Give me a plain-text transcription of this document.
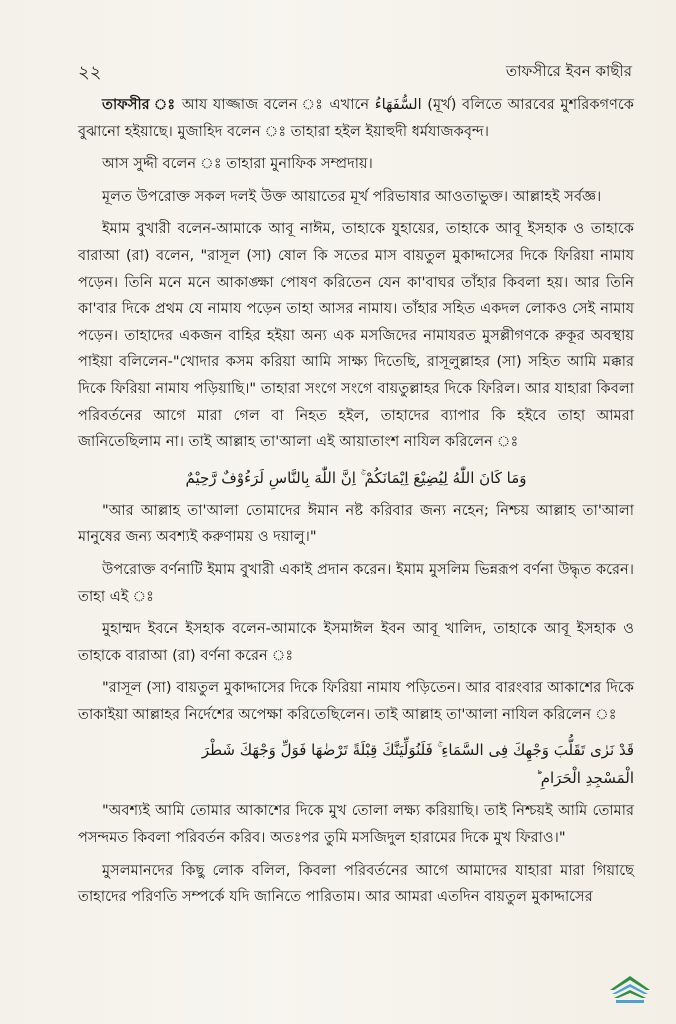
২২	তাফসীরে ইবন কাছীর

তাফসীর ঃ আয যাজ্জাজ বলেন ঃ এখানে السُّفَهَاءُ (মূর্খ) বলিতে আরবের মুশরিকগণকে বুঝানো হইয়াছে। মুজাহিদ বলেন ঃ তাহারা হইল ইয়াহুদী ধর্মযাজকবৃন্দ।

আস সুদ্দী বলেন ঃ তাহারা মুনাফিক সম্প্রদায়।

মূলত উপরোক্ত সকল দলই উক্ত আয়াতের মূর্খ পরিভাষার আওতাভুক্ত। আল্লাহই সর্বজ্ঞ।

ইমাম বুখারী বলেন-আমাকে আবূ নাঈম, তাহাকে যুহায়ের, তাহাকে আবূ ইসহাক ও তাহাকে বারাআ (রা) বলেন, "রাসূল (সা) ষোল কি সতের মাস বায়তুল মুকাদ্দাসের দিকে ফিরিয়া নামায পড়েন। তিনি মনে মনে আকাঙ্ক্ষা পোষণ করিতেন যেন কা'বাঘর তাঁহার কিবলা হয়। আর তিনি কা'বার দিকে প্রথম যে নামায পড়েন তাহা আসর নামায। তাঁহার সহিত একদল লোকও সেই নামায পড়েন। তাহাদের একজন বাহির হইয়া অন্য এক মসজিদের নামাযরত মুসল্লীগণকে রুকূর অবস্থায় পাইয়া বলিলেন-"খোদার কসম করিয়া আমি সাক্ষ্য দিতেছি, রাসূলুল্লাহর (সা) সহিত আমি মক্কার দিকে ফিরিয়া নামায পড়িয়াছি।" তাহারা সংগে সংগে বায়তুল্লাহর দিকে ফিরিল। আর যাহারা কিবলা পরিবর্তনের আগে মারা গেল বা নিহত হইল, তাহাদের ব্যাপার কি হইবে তাহা আমরা জানিতেছিলাম না। তাই আল্লাহ তা'আলা এই আয়াতাংশ নাযিল করিলেন ঃ

وَمَا كَانَ اللّٰهُ لِيُضِيْعَ اِيْمَانَكُمْ ۚ اِنَّ اللّٰهَ بِالنَّاسِ لَرَءُوْفٌ رَّحِيْمٌ

"আর আল্লাহ তা'আলা তোমাদের ঈমান নষ্ট করিবার জন্য নহেন; নিশ্চয় আল্লাহ তা'আলা মানুষের জন্য অবশ্যই করুণাময় ও দয়ালু।"

উপরোক্ত বর্ণনাটি ইমাম বুখারী একাই প্রদান করেন। ইমাম মুসলিম ভিন্নরূপ বর্ণনা উদ্ধৃত করেন। তাহা এই ঃ

মুহাম্মদ ইবনে ইসহাক বলেন-আমাকে ইসমাঈল ইবন আবূ খালিদ, তাহাকে আবূ ইসহাক ও তাহাকে বারাআ (রা) বর্ণনা করেন ঃ

"রাসূল (সা) বায়তুল মুকাদ্দাসের দিকে ফিরিয়া নামায পড়িতেন। আর বারংবার আকাশের দিকে তাকাইয়া আল্লাহর নির্দেশের অপেক্ষা করিতেছিলেন। তাই আল্লাহ তা'আলা নাযিল করিলেন ঃ

قَدْ نَرٰى تَقَلُّبَ وَجْهِكَ فِى السَّمَاءِ ۚ فَلَنُوَلِّيَنَّكَ قِبْلَةً تَرْضٰهَا فَوَلِّ وَجْهَكَ شَطْرَ

الْمَسْجِدِ الْحَرَامِ ؕ

"অবশ্যই আমি তোমার আকাশের দিকে মুখ তোলা লক্ষ্য করিয়াছি। তাই নিশ্চয়ই আমি তোমার পসন্দমত কিবলা পরিবর্তন করিব। অতঃপর তুমি মসজিদুল হারামের দিকে মুখ ফিরাও।"

মুসলমানদের কিছু লোক বলিল, কিবলা পরিবর্তনের আগে আমাদের যাহারা মারা গিয়াছে তাহাদের পরিণতি সম্পর্কে যদি জানিতে পারিতাম। আর আমরা এতদিন বায়তুল মুকাদ্দাসের
